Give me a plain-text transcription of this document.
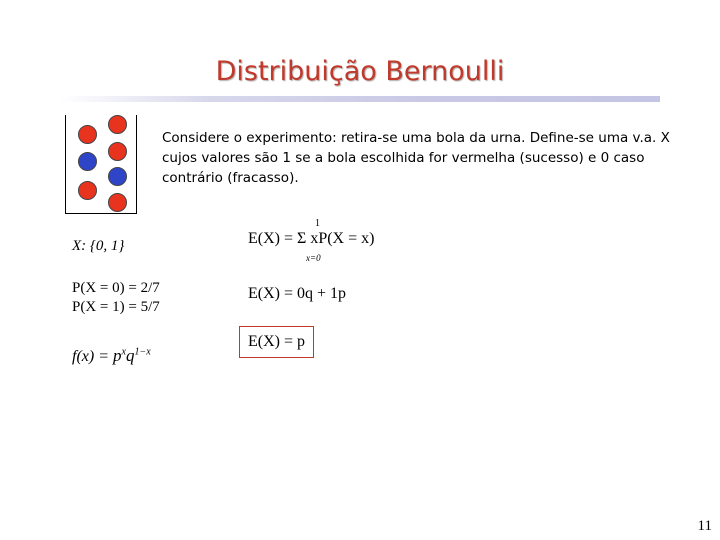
Distribuição Bernoulli
Considere o experimento: retira-se uma bola da urna. Define-se uma v.a. X cujos valores são 1 se a bola escolhida for vermelha (sucesso) e 0 caso contrário (fracasso).
X: {0, 1}
P(X = 0) = 2/7
P(X = 1) = 5/7
$f(x) = p^xq^{1-x}$
1
E(X) = Σ xP(X = x)
x=0
E(X) = 0q + 1p
E(X) = p
11
